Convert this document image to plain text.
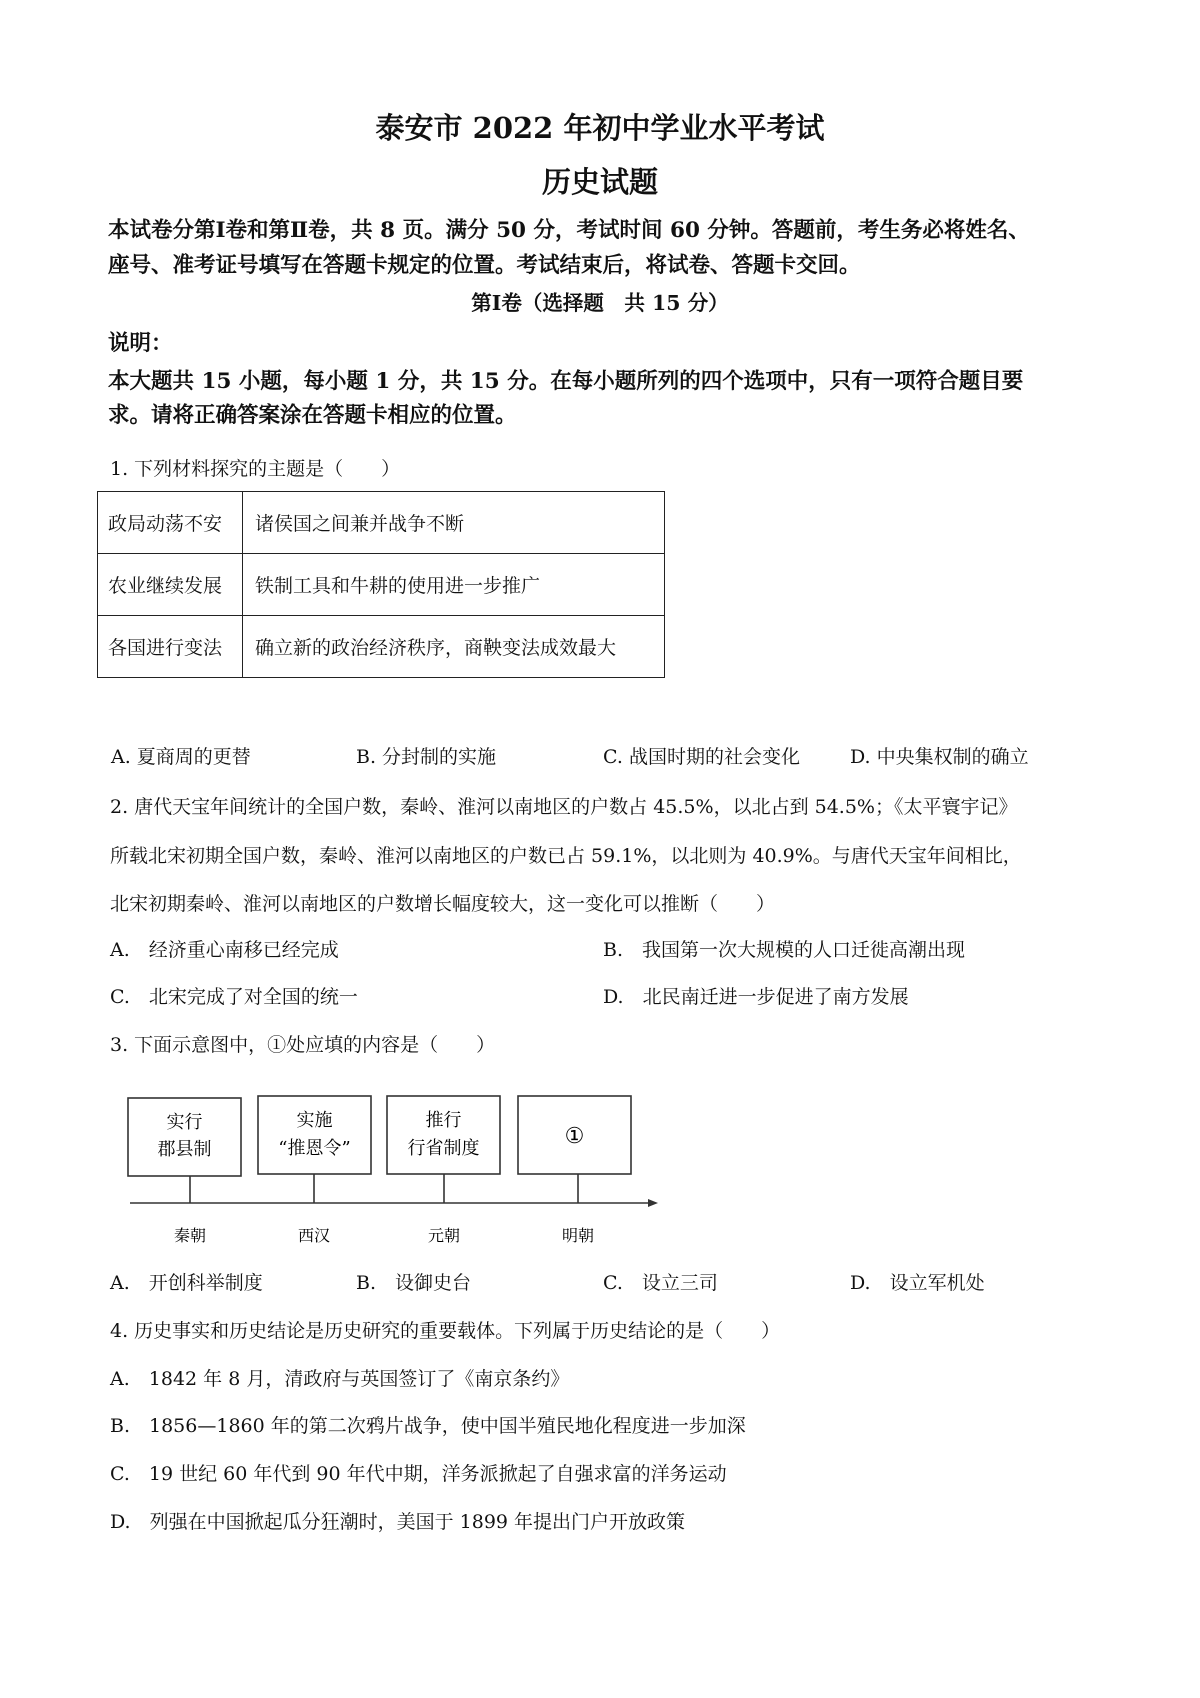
泰安市 2022 年初中学业水平考试
历史试题
本试卷分第Ⅰ卷和第Ⅱ卷，共 8 页。满分 50 分，考试时间 60 分钟。答题前，考生务必将姓名、
座号、准考证号填写在答题卡规定的位置。考试结束后，将试卷、答题卡交回。
第Ⅰ卷（选择题　共 15 分）
说明：
本大题共 15 小题，每小题 1 分，共 15 分。在每小题所列的四个选项中，只有一项符合题目要
求。请将正确答案涂在答题卡相应的位置。
1. 下列材料探究的主题是（　　）
政局动荡不安	诸侯国之间兼并战争不断
农业继续发展	铁制工具和牛耕的使用进一步推广
各国进行变法	确立新的政治经济秩序，商鞅变法成效最大
A. 夏商周的更替	B. 分封制的实施	C. 战国时期的社会变化	D. 中央集权制的确立
2. 唐代天宝年间统计的全国户数，秦岭、淮河以南地区的户数占 45.5%，以北占到 54.5%；《太平寰宇记》
所载北宋初期全国户数，秦岭、淮河以南地区的户数已占 59.1%，以北则为 40.9%。与唐代天宝年间相比，
北宋初期秦岭、淮河以南地区的户数增长幅度较大，这一变化可以推断（　　）
A.　经济重心南移已经完成	B.　我国第一次大规模的人口迁徙高潮出现
C.　北宋完成了对全国的统一	D.　北民南迁进一步促进了南方发展
3. 下面示意图中，①处应填的内容是（　　）
实行
郡县制
实施
“推恩令”
推行
行省制度	①
秦朝	西汉	元朝	明朝
A.　开创科举制度	B.　设御史台	C.　设立三司	D.　设立军机处
4. 历史事实和历史结论是历史研究的重要载体。下列属于历史结论的是（　　）
A.　1842 年 8 月，清政府与英国签订了《南京条约》
B.　1856—1860 年的第二次鸦片战争，使中国半殖民地化程度进一步加深
C.　19 世纪 60 年代到 90 年代中期，洋务派掀起了自强求富的洋务运动
D.　列强在中国掀起瓜分狂潮时，美国于 1899 年提出门户开放政策
